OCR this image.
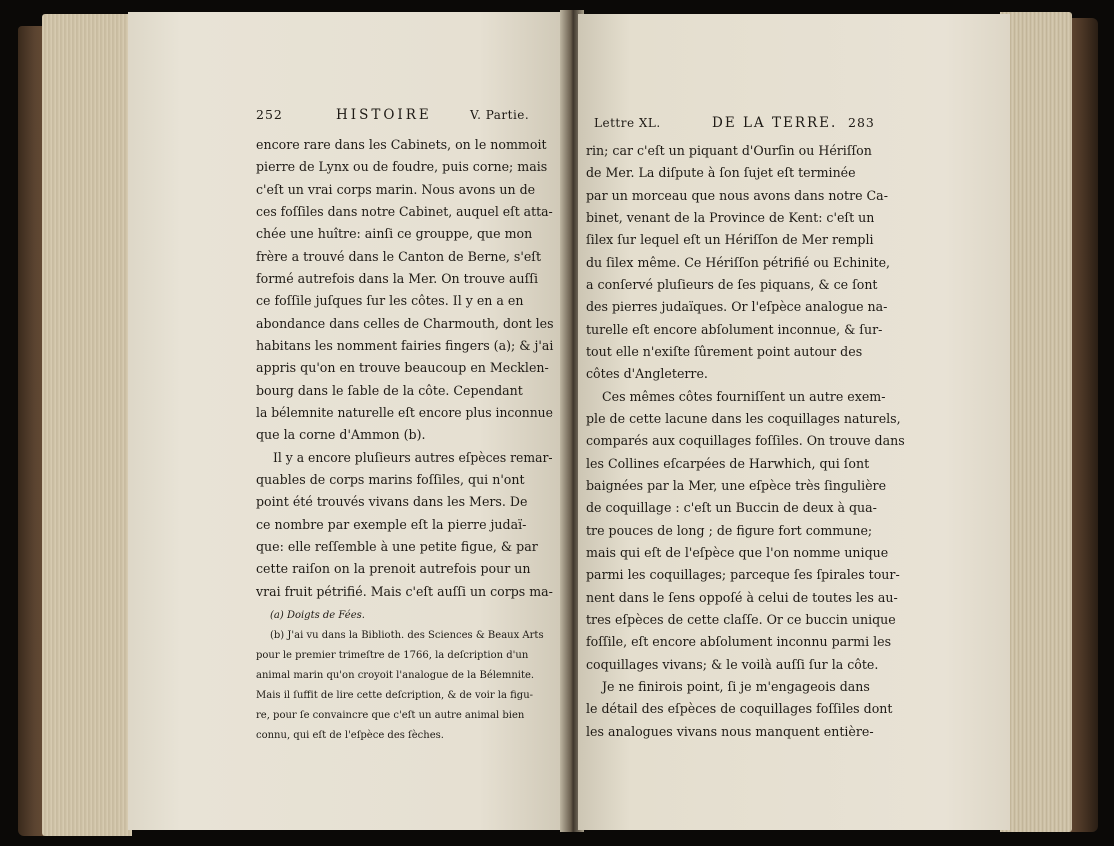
252	HISTOIRE	V. Partie.
encore rare dans les Cabinets, on le nommoit
pierre de Lynx ou de foudre, puis corne; mais
c'eſt un vrai corps marin. Nous avons un de
ces foſſiles dans notre Cabinet, auquel eſt atta-
chée une huître: ainſi ce grouppe, que mon
frère a trouvé dans le Canton de Berne, s'eſt
formé autrefois dans la Mer. On trouve auſſi
ce foſſile juſques ſur les côtes. Il y en a en
abondance dans celles de Charmouth, dont les
habitans les nomment fairies fingers (a); & j'ai
appris qu'on en trouve beaucoup en Mecklen-
bourg dans le ſable de la côte. Cependant
la bélemnite naturelle eſt encore plus inconnue
que la corne d'Ammon (b).
Il y a encore pluſieurs autres eſpèces remar-
quables de corps marins foſſiles, qui n'ont
point été trouvés vivans dans les Mers. De
ce nombre par exemple eſt la pierre judaï-
que: elle reſſemble à une petite figue, & par
cette raiſon on la prenoit autrefois pour un
vrai fruit pétrifié. Mais c'eſt auſſi un corps ma-
(a) Doigts de Fées.
(b) J'ai vu dans la Biblioth. des Sciences & Beaux Arts
pour le premier trimeſtre de 1766, la deſcription d'un
animal marin qu'on croyoit l'analogue de la Bélemnite.
Mais il ſuffit de lire cette deſcription, & de voir la figu-
re, pour ſe convaincre que c'eſt un autre animal bien
connu, qui eſt de l'eſpèce des ſèches.
Lettre XL.	DE LA TERRE. 283
rin; car c'eſt un piquant d'Ourſin ou Hériſſon
de Mer. La diſpute à ſon ſujet eſt terminée
par un morceau que nous avons dans notre Ca-
binet, venant de la Province de Kent: c'eſt un
ſilex ſur lequel eſt un Hériſſon de Mer rempli
du ſilex même. Ce Hériſſon pétrifié ou Echinite,
a conſervé pluſieurs de ſes piquans, & ce ſont
des pierres judaïques. Or l'eſpèce analogue na-
turelle eſt encore abſolument inconnue, & ſur-
tout elle n'exiſte ſûrement point autour des
côtes d'Angleterre.
Ces mêmes côtes fourniſſent un autre exem-
ple de cette lacune dans les coquillages naturels,
comparés aux coquillages foſſiles. On trouve dans
les Collines eſcarpées de Harwhich, qui ſont
baignées par la Mer, une eſpèce très ſingulière
de coquillage : c'eſt un Buccin de deux à qua-
tre pouces de long ; de figure fort commune;
mais qui eſt de l'eſpèce que l'on nomme unique
parmi les coquillages; parceque ſes ſpirales tour-
nent dans le ſens oppoſé à celui de toutes les au-
tres eſpèces de cette claſſe. Or ce buccin unique
foſſile, eſt encore abſolument inconnu parmi les
coquillages vivans; & le voilà auſſi ſur la côte.
Je ne finirois point, ſi je m'engageois dans
le détail des eſpèces de coquillages foſſiles dont
les analogues vivans nous manquent entière-
